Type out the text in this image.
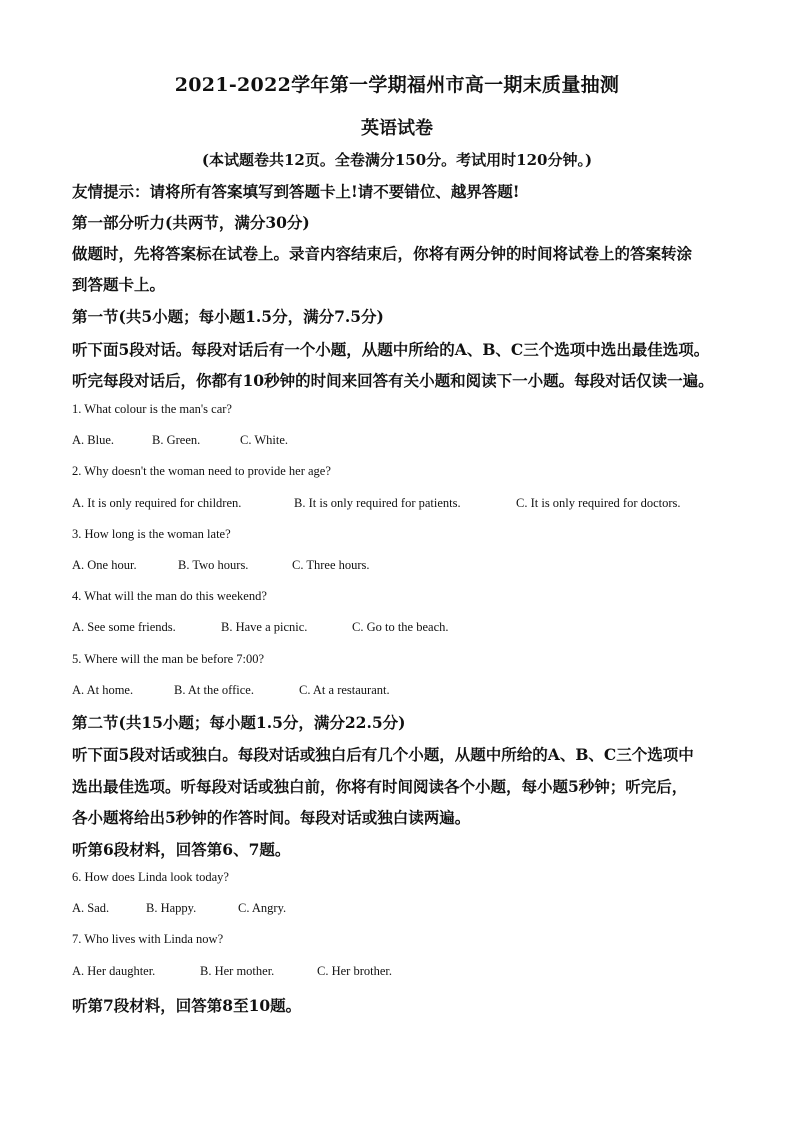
2021-2022学年第一学期福州市高一期末质量抽测
英语试卷
(本试题卷共12页。全卷满分150分。考试用时120分钟。)
友情提示：请将所有答案填写到答题卡上!请不要错位、越界答题!
第一部分听力(共两节，满分30分)
做题时，先将答案标在试卷上。录音内容结束后，你将有两分钟的时间将试卷上的答案转涂
到答题卡上。
第一节(共5小题；每小题1.5分，满分7.5分)
听下面5段对话。每段对话后有一个小题，从题中所给的A、B、C三个选项中选出最佳选项。
听完每段对话后，你都有10秒钟的时间来回答有关小题和阅读下一小题。每段对话仅读一遍。
1. What colour is the man's car?
A. Blue.	B. Green.	C. White.
2. Why doesn't the woman need to provide her age?
A. It is only required for children.	B. It is only required for patients.	C. It is only required for doctors.
3. How long is the woman late?
A. One hour.	B. Two hours.	C. Three hours.
4. What will the man do this weekend?
A. See some friends.	B. Have a picnic.	C. Go to the beach.
5. Where will the man be before 7:00?
A. At home.	B. At the office.	C. At a restaurant.
第二节(共15小题；每小题1.5分，满分22.5分)
听下面5段对话或独白。每段对话或独白后有几个小题，从题中所给的A、B、C三个选项中
选出最佳选项。听每段对话或独白前，你将有时间阅读各个小题，每小题5秒钟；听完后，
各小题将给出5秒钟的作答时间。每段对话或独白读两遍。
听第6段材料，回答第6、7题。
6. How does Linda look today?
A. Sad.	B. Happy.	C. Angry.
7. Who lives with Linda now?
A. Her daughter.	B. Her mother.	C. Her brother.
听第7段材料，回答第8至10题。
